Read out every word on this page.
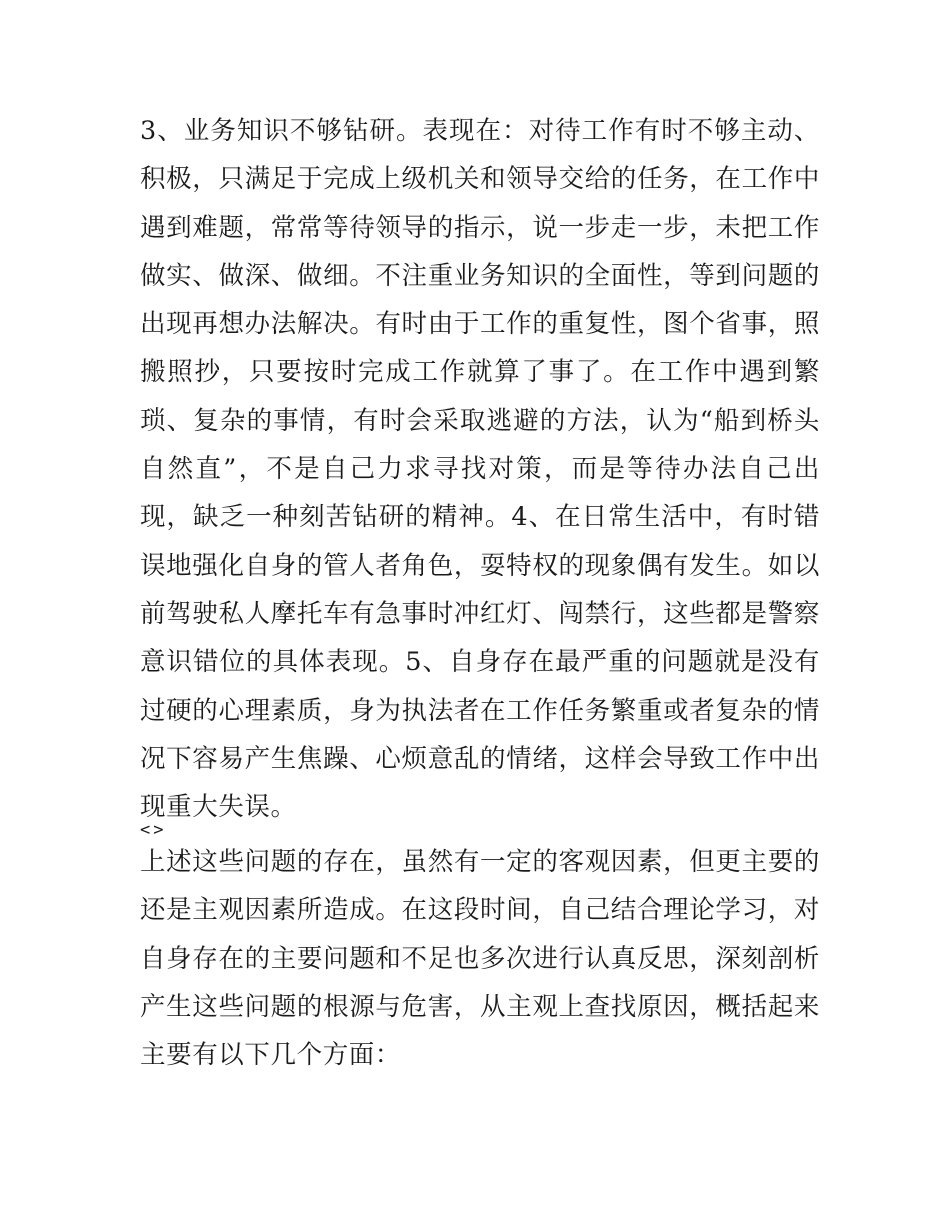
3、业务知识不够钻研。表现在：对待工作有时不够主动、积极，只满足于完成上级机关和领导交给的任务，在工作中遇到难题，常常等待领导的指示，说一步走一步，未把工作做实、做深、做细。不注重业务知识的全面性，等到问题的出现再想办法解决。有时由于工作的重复性，图个省事，照搬照抄，只要按时完成工作就算了事了。在工作中遇到繁琐、复杂的事情，有时会采取逃避的方法，认为“船到桥头自然直”，不是自己力求寻找对策，而是等待办法自己出现，缺乏一种刻苦钻研的精神。4、在日常生活中，有时错误地强化自身的管人者角色，耍特权的现象偶有发生。如以前驾驶私人摩托车有急事时冲红灯、闯禁行，这些都是警察意识错位的具体表现。5、自身存在最严重的问题就是没有过硬的心理素质，身为执法者在工作任务繁重或者复杂的情况下容易产生焦躁、心烦意乱的情绪，这样会导致工作中出现重大失误。

<>

上述这些问题的存在，虽然有一定的客观因素，但更主要的还是主观因素所造成。在这段时间，自己结合理论学习，对自身存在的主要问题和不足也多次进行认真反思，深刻剖析产生这些问题的根源与危害，从主观上查找原因，概括起来主要有以下几个方面：
